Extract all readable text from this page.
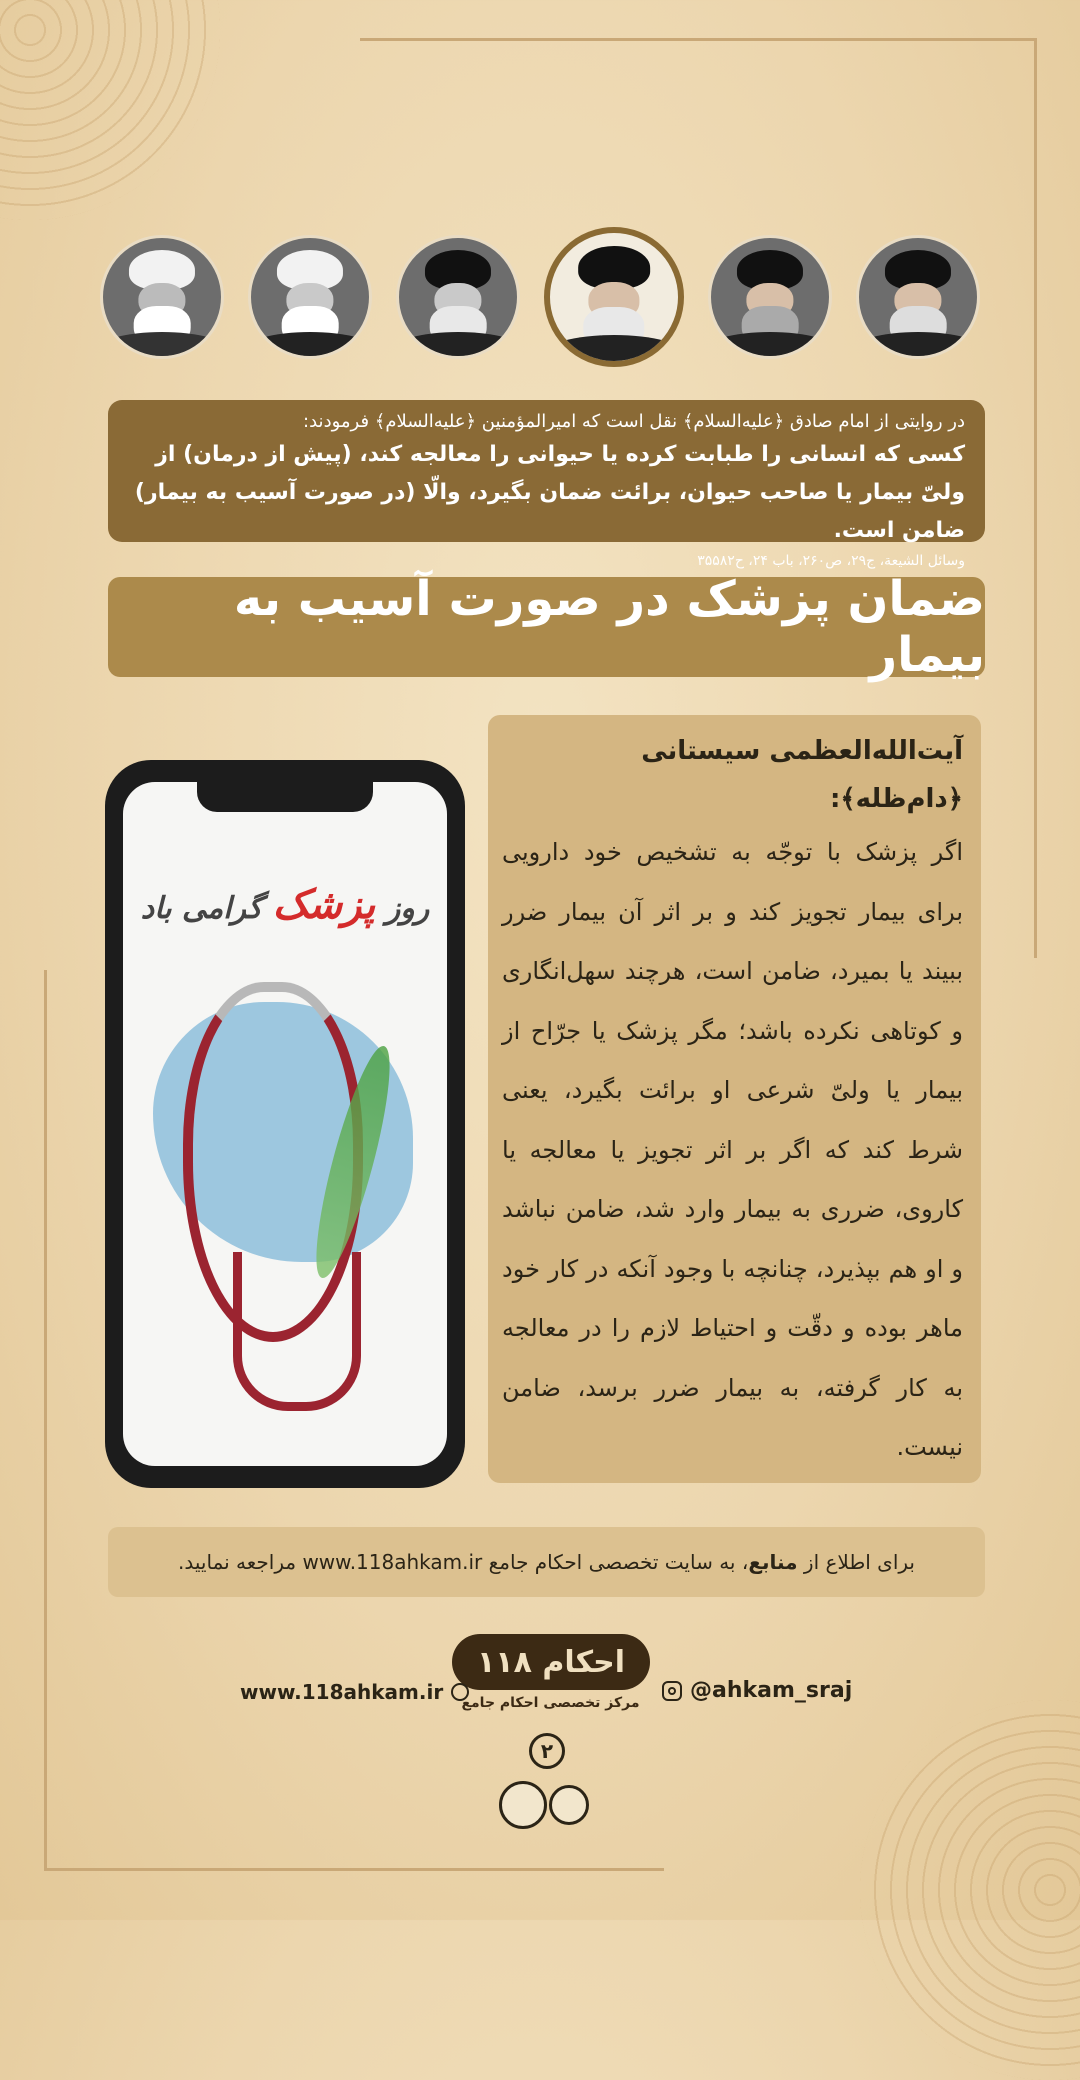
در روایتی از امام صادق ﴿علیه‌السلام﴾ نقل است که امیرالمؤمنین ﴿علیه‌السلام﴾ فرمودند:
کسی که انسانی را طبابت کرده یا حیوانی را معالجه کند، (پیش از درمان) از ولیّ بیمار یا صاحب حیوان، برائت ضمان بگیرد، والّا (در صورت آسیب به بیمار) ضامن است.
وسائل الشیعة، ج۲۹، ص۲۶۰، باب ۲۴، ح۳۵۵۸۲
ضمان پزشک در صورت آسیب به بیمار
آیت‌الله‌العظمی سیستانی ﴿دام‌ظله﴾:
اگر پزشک با توجّه به تشخیص خود دارویی برای بیمار تجویز کند و بر اثر آن بیمار ضرر ببیند یا بمیرد، ضامن است، هرچند سهل‌انگاری و کوتاهی نکرده باشد؛ مگر پزشک یا جرّاح از بیمار یا ولیّ شرعی او برائت بگیرد، یعنی شرط کند که اگر بر اثر تجویز یا معالجه یا کاروی، ضرری به بیمار وارد شد، ضامن نباشد و او هم بپذیرد، چنانچه با وجود آنکه در کار خود ماهر بوده و دقّت و احتیاط لازم را در معالجه به کار گرفته، به بیمار ضرر برسد، ضامن نیست.
روز پزشک گرامی باد
برای اطلاع از

منابع
، به سایت تخصصی احکام جامع www.118ahkam.ir مراجعه نمایید.
۱۱۸ احکام
مرکز تخصصی احکام جامع
www.118ahkam.ir	@ahkam_sraj
۲
